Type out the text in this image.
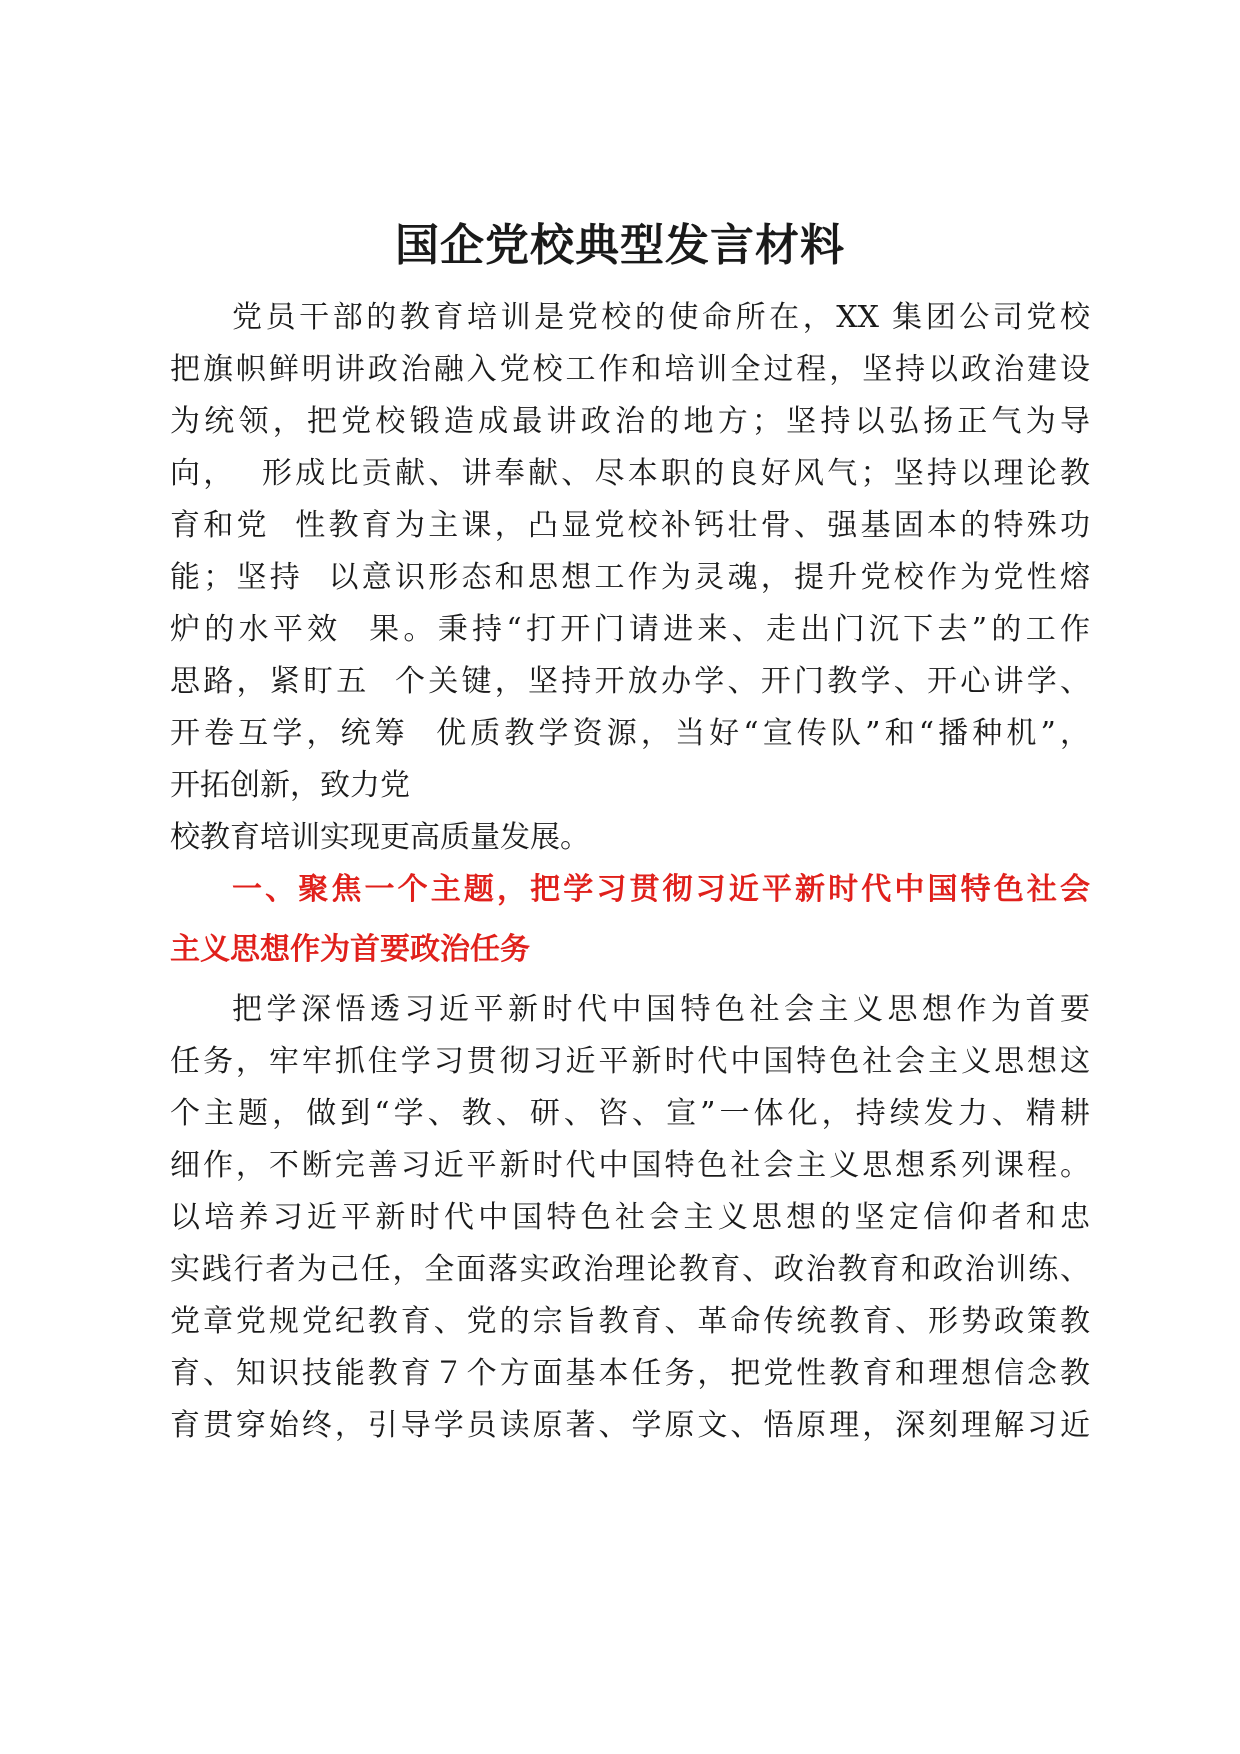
国企党校典型发言材料

党员干部的教育培训是党校的使命所在，XX 集团公司党校

把旗帜鲜明讲政治融入党校工作和培训全过程，坚持以政治建设

为统领，把党校锻造成最讲政治的地方；坚持以弘扬正气为导

向，  形成比贡献、讲奉献、尽本职的良好风气；坚持以理论教

育和党  性教育为主课，凸显党校补钙壮骨、强基固本的特殊功

能；坚持  以意识形态和思想工作为灵魂，提升党校作为党性熔

炉的水平效  果。秉持“打开门请进来、走出门沉下去”的工作

思路，紧盯五  个关键，坚持开放办学、开门教学、开心讲学、

开卷互学，统筹  优质教学资源，当好“宣传队”和“播种机”，

开拓创新，致力党

校教育培训实现更高质量发展。

一、聚焦一个主题，把学习贯彻习近平新时代中国特色社会
主义思想作为首要政治任务

把学深悟透习近平新时代中国特色社会主义思想作为首要

任务，牢牢抓住学习贯彻习近平新时代中国特色社会主义思想这

个主题，做到“学、教、研、咨、宣”一体化，持续发力、精耕

细作，不断完善习近平新时代中国特色社会主义思想系列课程。

以培养习近平新时代中国特色社会主义思想的坚定信仰者和忠

实践行者为己任，全面落实政治理论教育、政治教育和政治训练、

党章党规党纪教育、党的宗旨教育、革命传统教育、形势政策教

育、知识技能教育７个方面基本任务，把党性教育和理想信念教

育贯穿始终，引导学员读原著、学原文、悟原理，深刻理解习近
